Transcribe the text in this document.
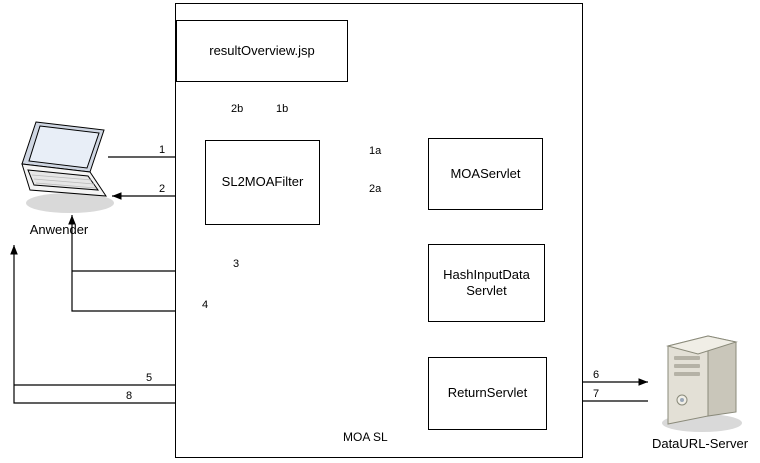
MOA SL
resultOverview.jsp
SL2MOAFilter
MOAServlet
HashInputData Servlet
ReturnServlet
Anwender
DataURL-Server
1
2
1a
2a
1b
2b
3
4
5	6
7
8
